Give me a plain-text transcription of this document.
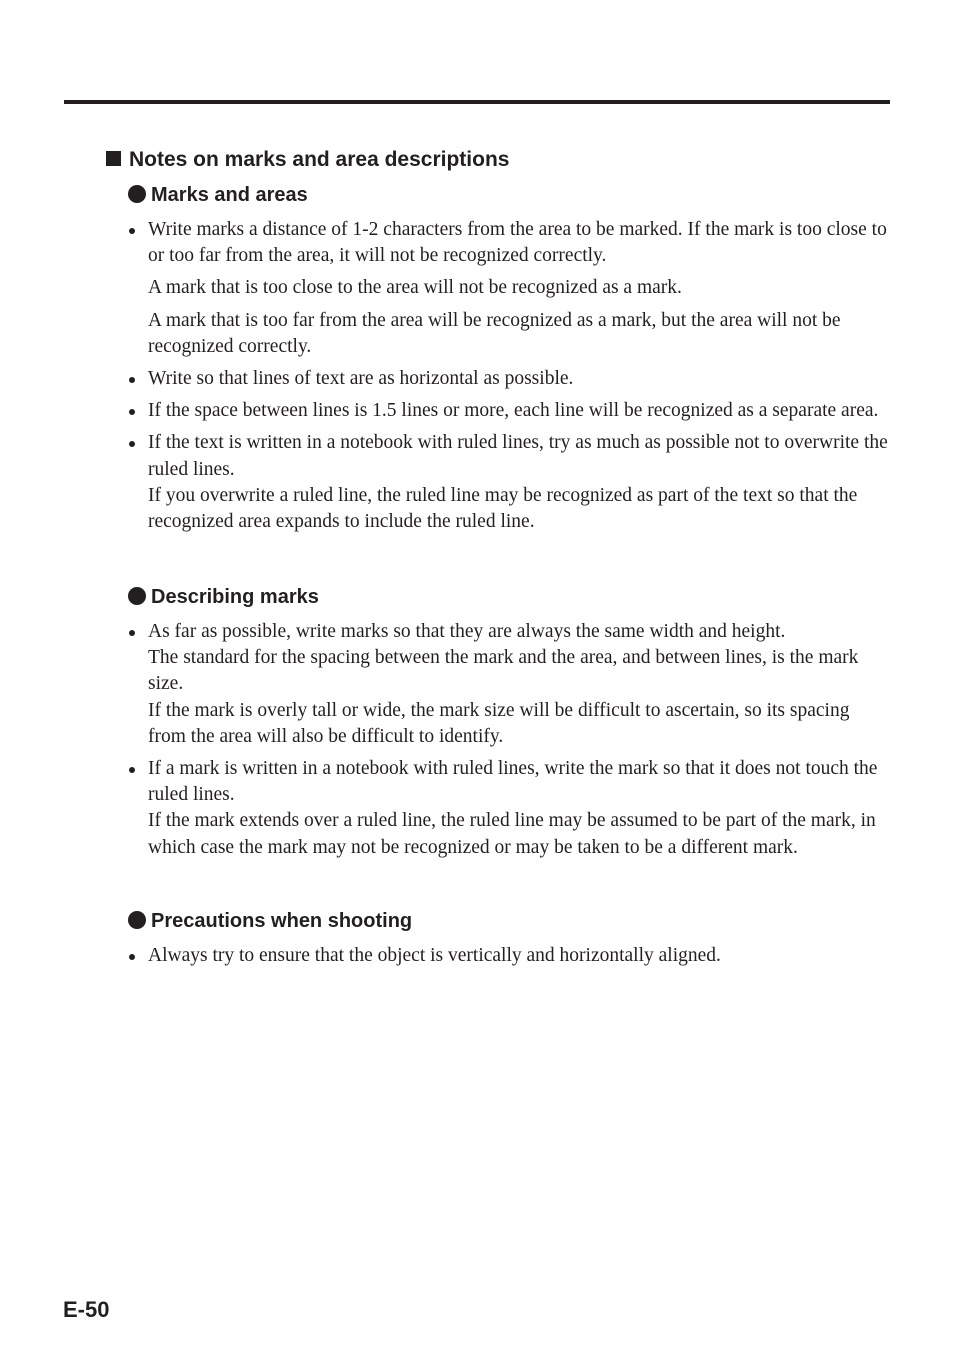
Notes on marks and area descriptions
Marks and areas

Write marks a distance of 1-2 characters from the area to be marked. If the mark is too close to or too far from the area, it will not be recognized correctly.

A mark that is too close to the area will not be recognized as a mark.

A mark that is too far from the area will be recognized as a mark, but the area will not be recognized correctly.

Write so that lines of text are as horizontal as possible.

If the space between lines is 1.5 lines or more, each line will be recognized as a separate area.

If the text is written in a notebook with ruled lines, try as much as possible not to overwrite the ruled lines.

If you overwrite a ruled line, the ruled line may be recognized as part of the text so that the recognized area expands to include the ruled line.

Describing marks

As far as possible, write marks so that they are always the same width and height.

The standard for the spacing between the mark and the area, and between lines, is the mark size.

If the mark is overly tall or wide, the mark size will be difficult to ascertain, so its spacing from the area will also be difficult to identify.

If a mark is written in a notebook with ruled lines, write the mark so that it does not touch the ruled lines.

If the mark extends over a ruled line, the ruled line may be assumed to be part of the mark, in which case the mark may not be recognized or may be taken to be a different mark.

Precautions when shooting

Always try to ensure that the object is vertically and horizontally aligned.

E-50
